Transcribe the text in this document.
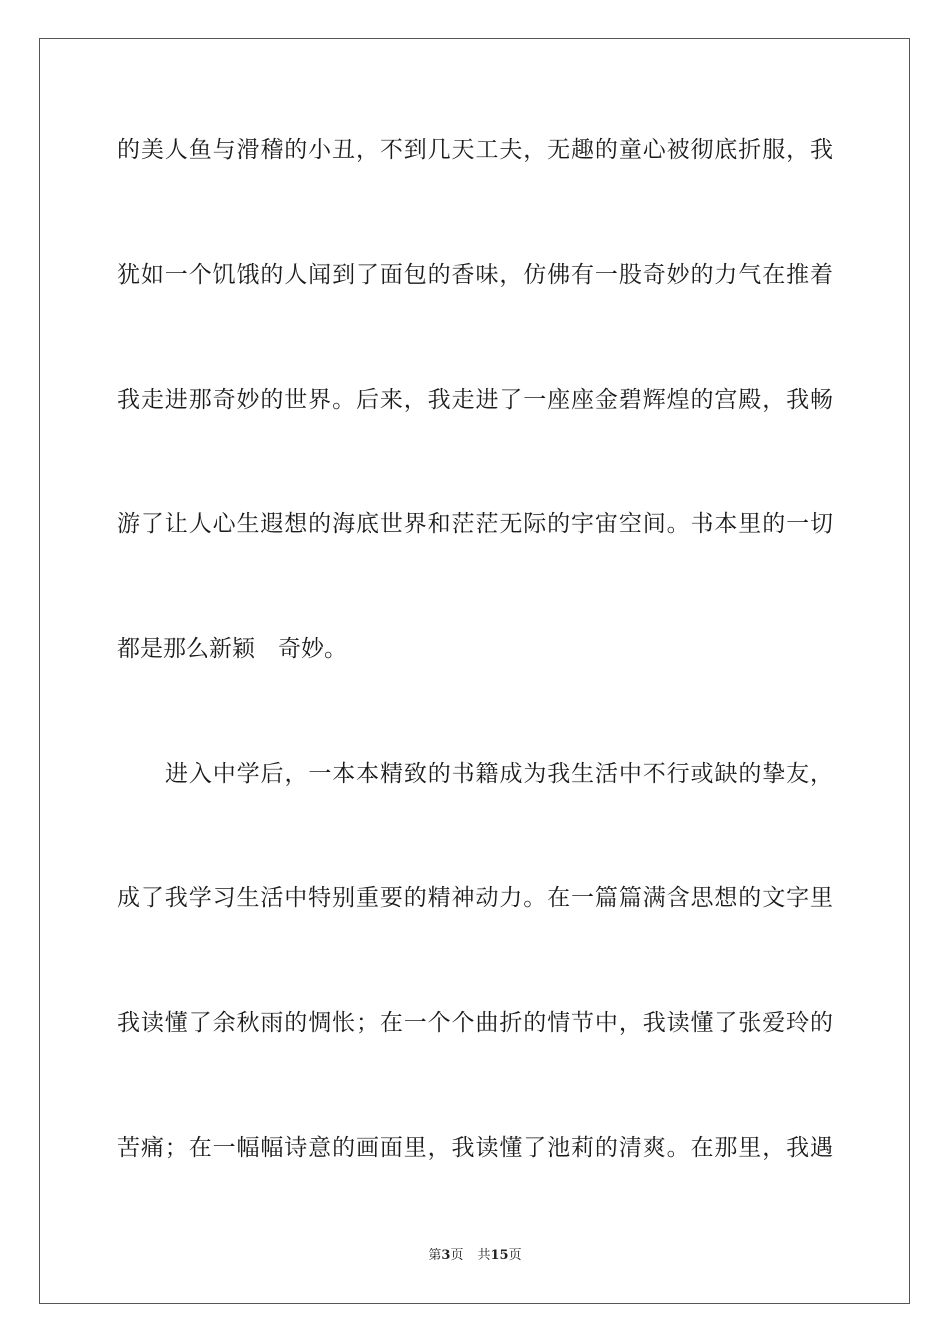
的美人鱼与滑稽的小丑，不到几天工夫，无趣的童心被彻底折服，我
犹如一个饥饿的人闻到了面包的香味，仿佛有一股奇妙的力气在推着
我走进那奇妙的世界。后来，我走进了一座座金碧辉煌的宫殿，我畅
游了让人心生遐想的海底世界和茫茫无际的宇宙空间。书本里的一切
都是那么新颖　奇妙。
进入中学后，一本本精致的书籍成为我生活中不行或缺的挚友，
成了我学习生活中特别重要的精神动力。在一篇篇满含思想的文字里
我读懂了余秋雨的惆怅；在一个个曲折的情节中，我读懂了张爱玲的
苦痛；在一幅幅诗意的画面里，我读懂了池莉的清爽。在那里，我遇
第3页 共15页
